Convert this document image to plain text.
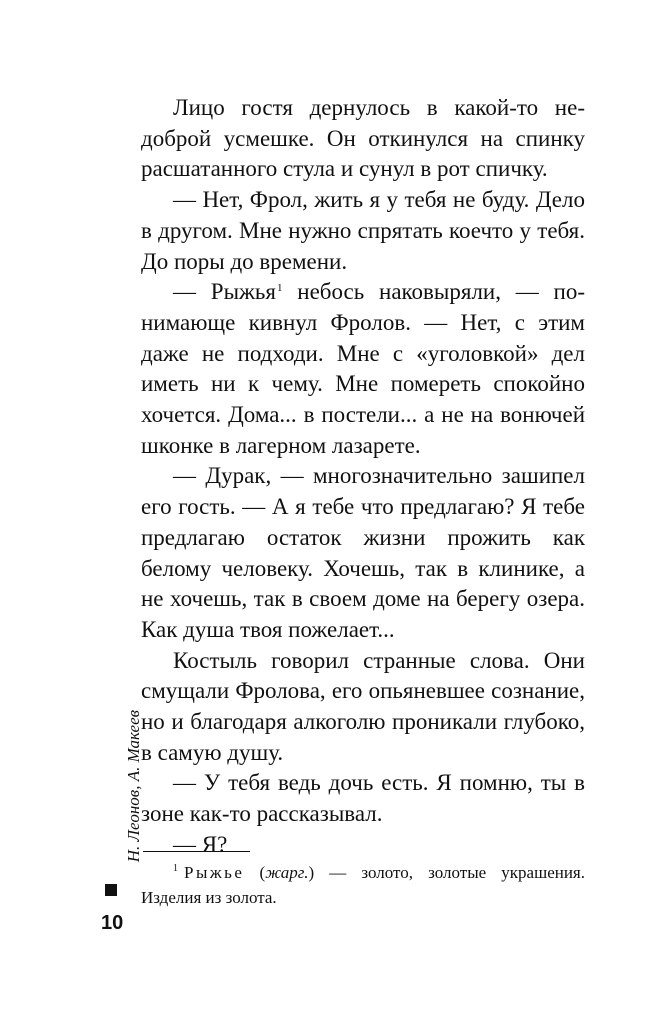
Лицо гостя дернулось в какой-то недоброй усмешке. Он откинулся на спинку расшатанного стула и сунул в рот спичку.

— Нет, Фрол, жить я у тебя не буду. Дело в другом. Мне нужно спрятать коечто у тебя. До поры до времени.

— Рыжья$^1$ небось наковыряли, — понимающе кивнул Фролов. — Нет, с этим даже не подходи. Мне с «уголовкой» дел иметь ни к чему. Мне помереть спокойно хочется. Дома... в постели... а не на вонючей шконке в лагерном лазарете.

— Дурак, — многозначительно зашипел его гость. — А я тебе что предлагаю? Я тебе предлагаю остаток жизни прожить как белому человеку. Хочешь, так в клинике, а не хочешь, так в своем доме на берегу озера. Как душа твоя пожелает...

Костыль говорил странные слова. Они смущали Фролова, его опьяневшее сознание, но и благодаря алкоголю проникали глубоко, в самую душу.

— У тебя ведь дочь есть. Я помню, ты в зоне как-то рассказывал.

— Я?

$^1$ Рыжье (жарг.) — золото, золотые украшения. Изделия из золота.

Н. Леонов, А. Макеев
10
